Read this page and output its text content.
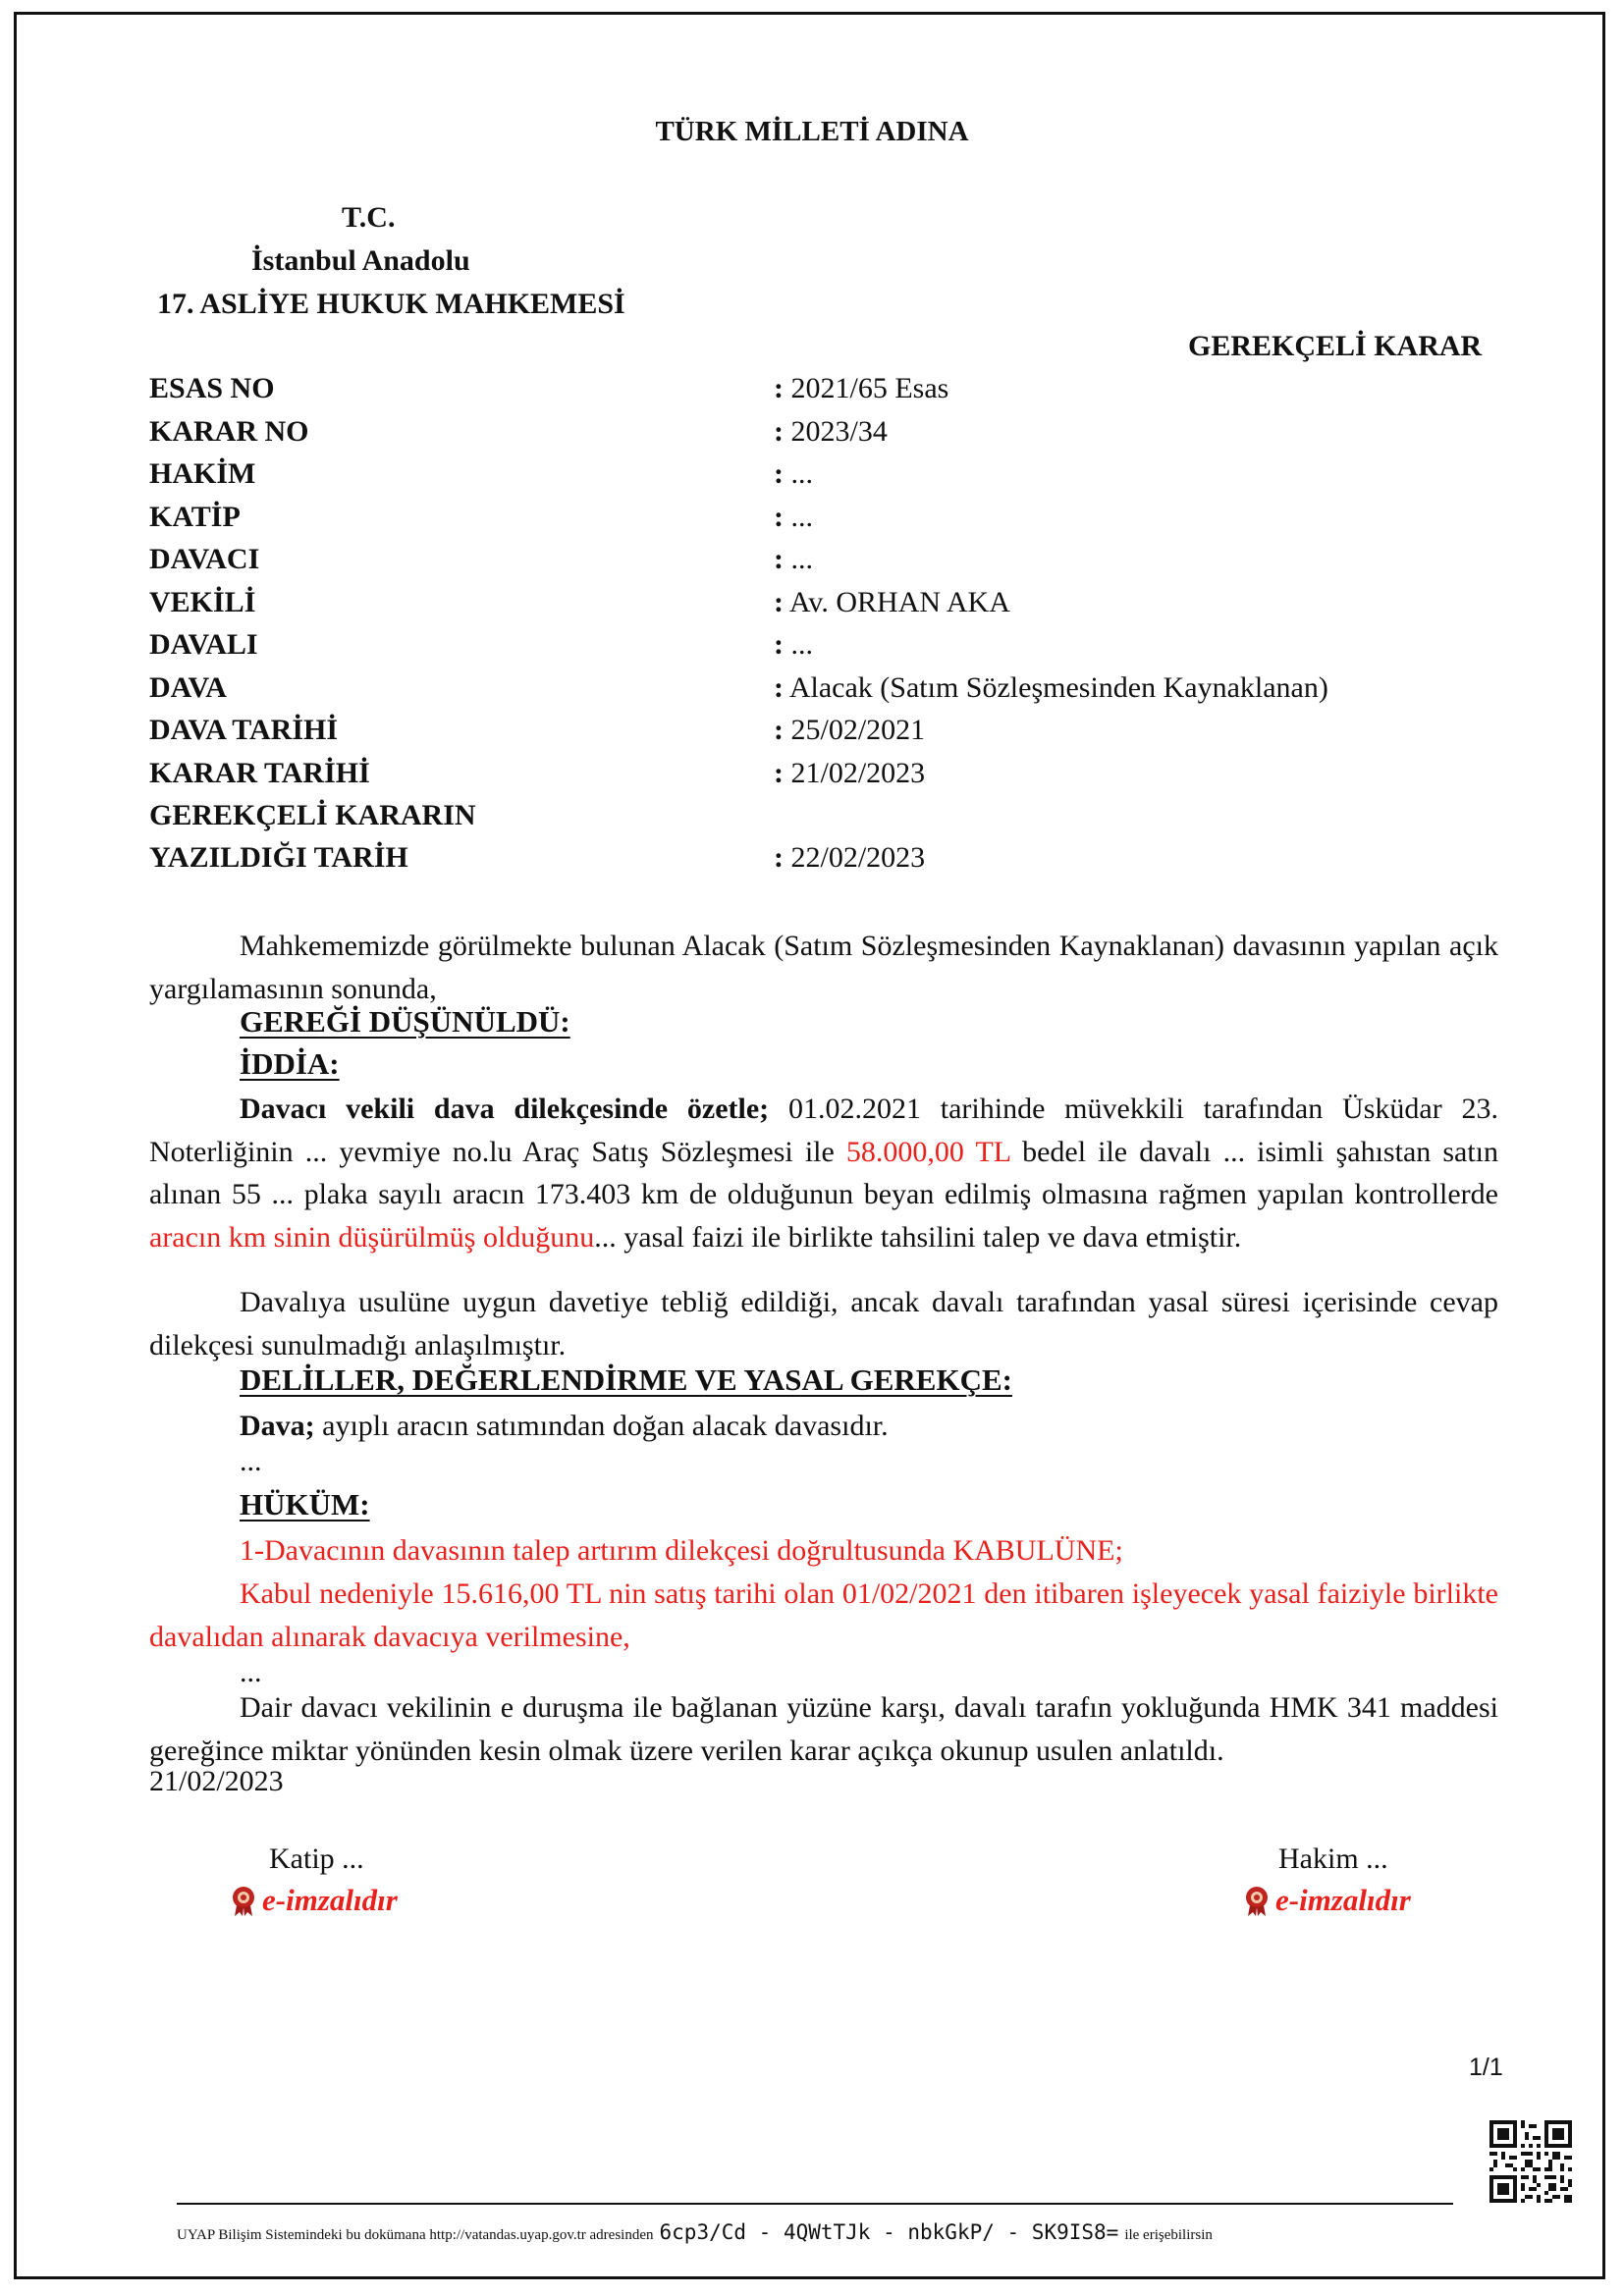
TÜRK MİLLETİ ADINA
T.C.
İstanbul Anadolu
17. ASLİYE HUKUK MAHKEMESİ
GEREKÇELİ KARAR
ESAS NO	: 2021/65 Esas
KARAR NO	: 2023/34
HAKİM	: ...
KATİP	: ...
DAVACI	: ...
VEKİLİ	: Av. ORHAN AKA
DAVALI	: ...
DAVA	: Alacak (Satım Sözleşmesinden Kaynaklanan)
DAVA TARİHİ	: 25/02/2021
KARAR TARİHİ	: 21/02/2023
GEREKÇELİ KARARIN
YAZILDIĞI TARİH	: 22/02/2023
Mahkememizde görülmekte bulunan Alacak (Satım Sözleşmesinden Kaynaklanan) davasının yapılan açık yargılamasının sonunda,
GEREĞİ DÜŞÜNÜLDÜ:
İDDİA:
Davacı vekili dava dilekçesinde özetle; 01.02.2021 tarihinde müvekkili tarafından Üsküdar 23. Noterliğinin ... yevmiye no.lu Araç Satış Sözleşmesi ile 58.000,00 TL bedel ile davalı ... isimli şahıstan satın alınan 55 ... plaka sayılı aracın 173.403 km de olduğunun beyan edilmiş olmasına rağmen yapılan kontrollerde aracın km sinin düşürülmüş olduğunu... yasal faizi ile birlikte tahsilini talep ve dava etmiştir.
Davalıya usulüne uygun davetiye tebliğ edildiği, ancak davalı tarafından yasal süresi içerisinde cevap dilekçesi sunulmadığı anlaşılmıştır.
DELİLLER, DEĞERLENDİRME VE YASAL GEREKÇE:
Dava; ayıplı aracın satımından doğan alacak davasıdır.
...
HÜKÜM:
1-Davacının davasının talep artırım dilekçesi doğrultusunda KABULÜNE;
Kabul nedeniyle 15.616,00 TL nin satış tarihi olan 01/02/2021 den itibaren işleyecek yasal faiziyle birlikte davalıdan alınarak davacıya verilmesine,
...
Dair davacı vekilinin e duruşma ile bağlanan yüzüne karşı, davalı tarafın yokluğunda HMK 341 maddesi gereğince miktar yönünden kesin olmak üzere verilen karar açıkça okunup usulen anlatıldı.
21/02/2023
Katip ...
e-imzalıdır
Hakim ...
e-imzalıdır
1/1
UYAP Bilişim Sistemindeki bu dokümana http://vatandas.uyap.gov.tr adresinden 6cp3/Cd - 4QWtTJk - nbkGkP/ - SK9IS8= ile erişebilirsin
